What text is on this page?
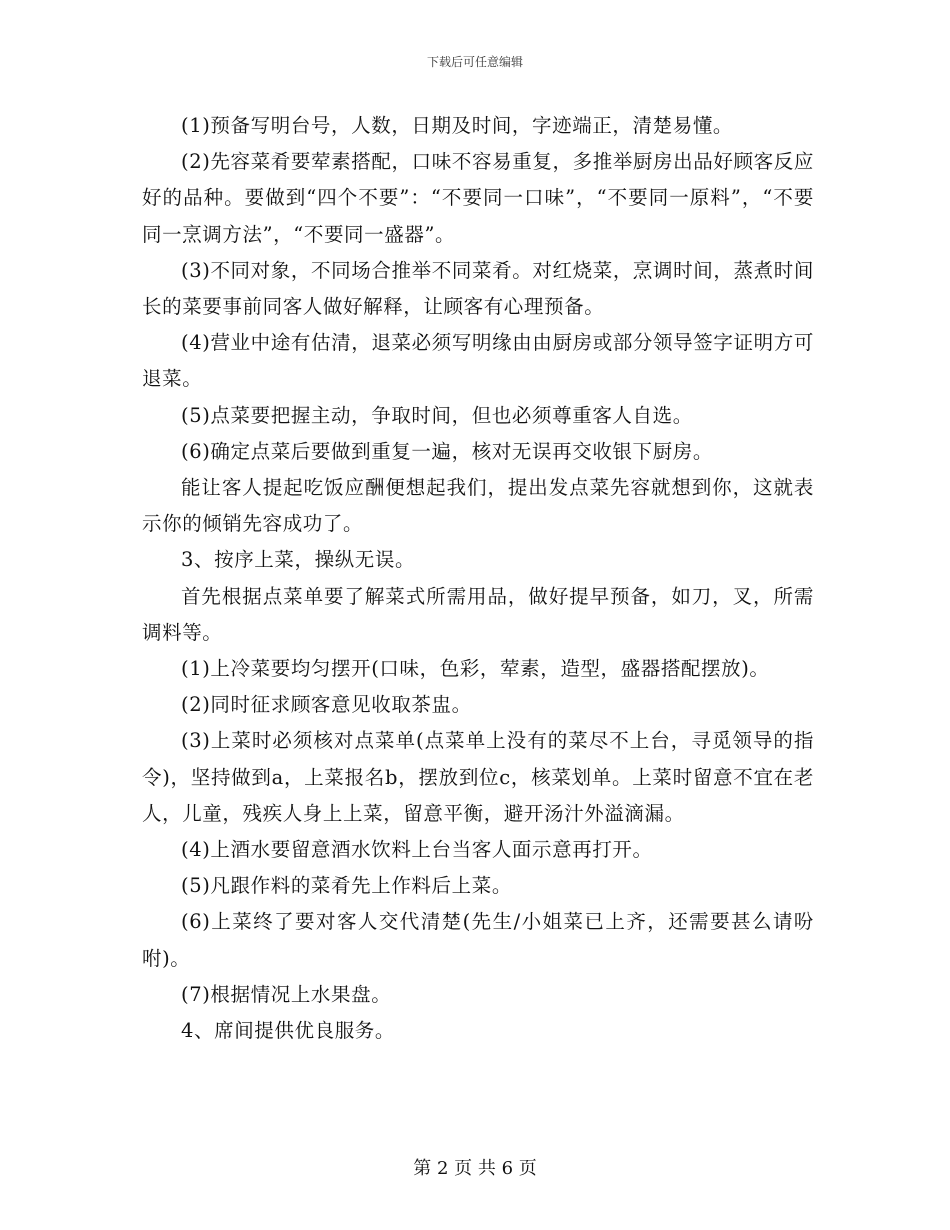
下载后可任意编辑

(1)预备写明台号，人数，日期及时间，字迹端正，清楚易懂。

(2)先容菜肴要荤素搭配，口味不容易重复，多推举厨房出品好顾客反应好的品种。要做到“四个不要”：“不要同一口味”，“不要同一原料”，“不要同一烹调方法”，“不要同一盛器”。

(3)不同对象，不同场合推举不同菜肴。对红烧菜，烹调时间，蒸煮时间长的菜要事前同客人做好解释，让顾客有心理预备。

(4)营业中途有估清，退菜必须写明缘由由厨房或部分领导签字证明方可退菜。

(5)点菜要把握主动，争取时间，但也必须尊重客人自选。

(6)确定点菜后要做到重复一遍，核对无误再交收银下厨房。

能让客人提起吃饭应酬便想起我们，提出发点菜先容就想到你，这就表示你的倾销先容成功了。

3、按序上菜，操纵无误。

首先根据点菜单要了解菜式所需用品，做好提早预备，如刀，叉，所需调料等。

(1)上冷菜要均匀摆开(口味，色彩，荤素，造型，盛器搭配摆放)。

(2)同时征求顾客意见收取茶盅。

(3)上菜时必须核对点菜单(点菜单上没有的菜尽不上台，寻觅领导的指令)，坚持做到a，上菜报名b，摆放到位c，核菜划单。上菜时留意不宜在老人，儿童，残疾人身上上菜，留意平衡，避开汤汁外溢滴漏。

(4)上酒水要留意酒水饮料上台当客人面示意再打开。

(5)凡跟作料的菜肴先上作料后上菜。

(6)上菜终了要对客人交代清楚(先生/小姐菜已上齐，还需要甚么请吩咐)。

(7)根据情况上水果盘。

4、席间提供优良服务。

第 2 页 共 6 页
